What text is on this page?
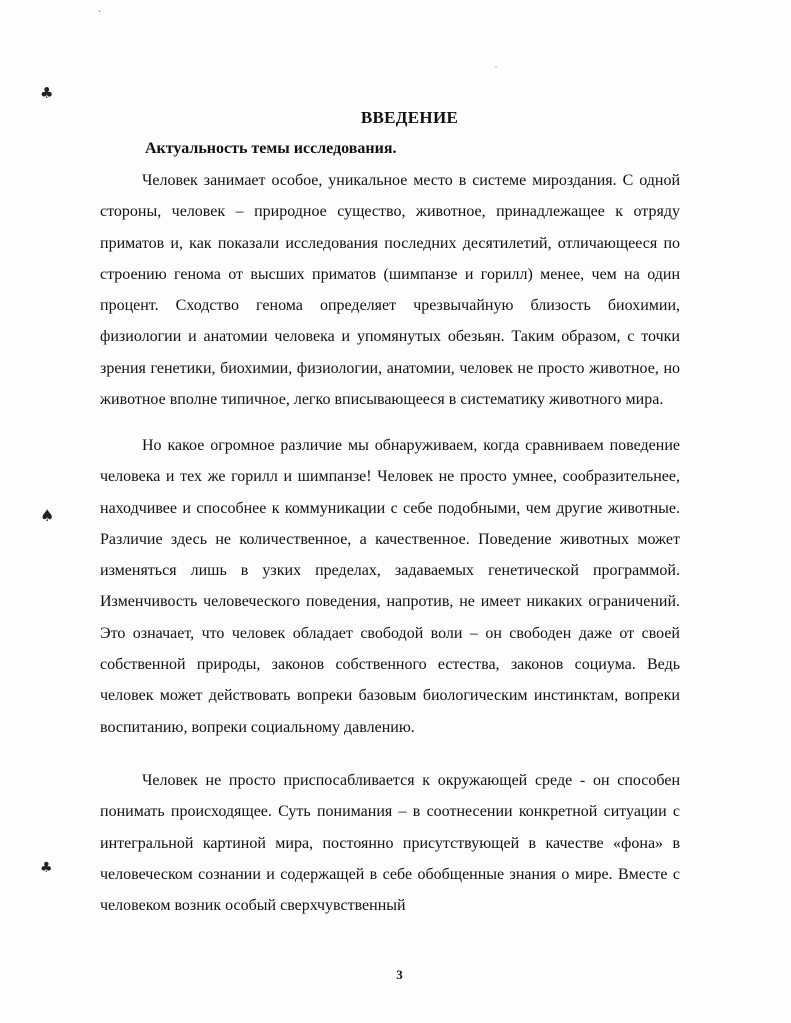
`
˙
♣
♠
♣
ВВЕДЕНИЕ
Актуальность темы исследования.

Человек занимает особое, уникальное место в системе мироздания. С одной стороны, человек – природное существо, животное, принадлежащее к отряду приматов и, как показали исследования последних десятилетий, отличающееся по строению генома от высших приматов (шимпанзе и горилл) менее, чем на один процент. Сходство генома определяет чрезвычайную близость биохимии, физиологии и анатомии человека и упомянутых обезьян. Таким образом, с точки зрения генетики, биохимии, физиологии, анатомии, человек не просто животное, но животное вполне типичное, легко вписывающееся в систематику животного мира.

Но какое огромное различие мы обнаруживаем, когда сравниваем поведение человека и тех же горилл и шимпанзе! Человек не просто умнее, сообразительнее, находчивее и способнее к коммуникации с себе подобными, чем другие животные. Различие здесь не количественное, а качественное. Поведение животных может изменяться лишь в узких пределах, задаваемых генетической программой. Изменчивость человеческого поведения, напротив, не имеет никаких ограничений. Это означает, что человек обладает свободой воли – он свободен даже от своей собственной природы, законов собственного естества, законов социума. Ведь человек может действовать вопреки базовым биологическим инстинктам, вопреки воспитанию, вопреки социальному давлению.

Человек не просто приспосабливается к окружающей среде - он способен понимать происходящее. Суть понимания – в соотнесении конкретной ситуации с интегральной картиной мира, постоянно присутствующей в качестве «фона» в человеческом сознании и содержащей в себе обобщенные знания о мире. Вместе с человеком возник особый сверхчувственный

3
